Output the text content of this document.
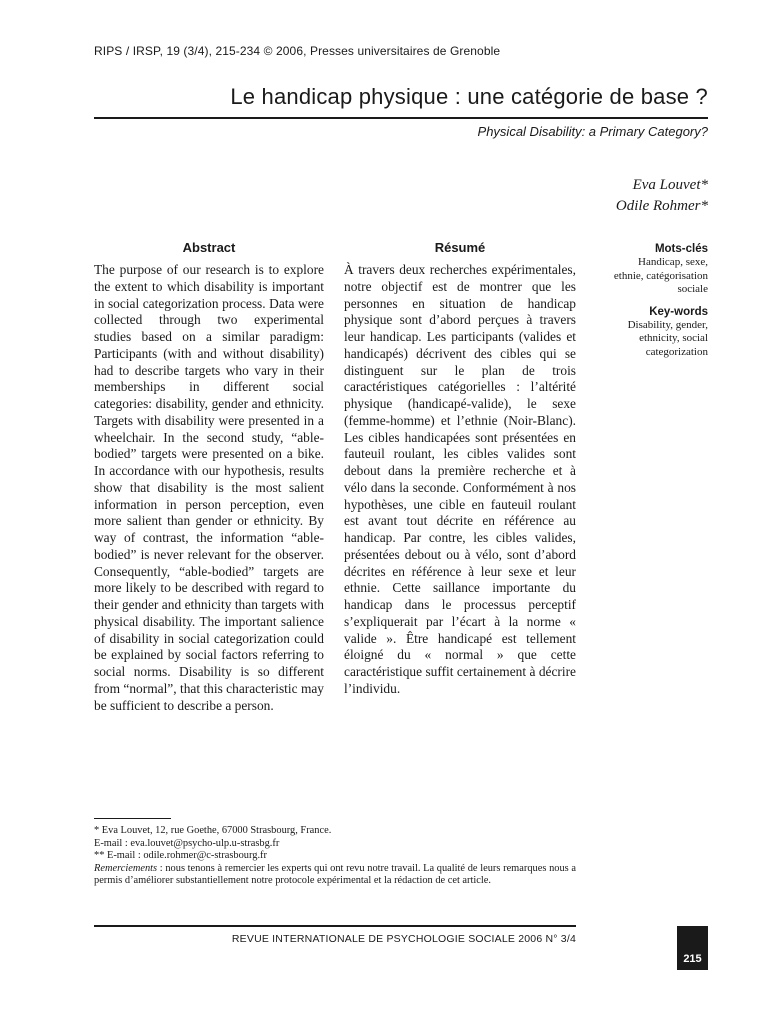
RIPS / IRSP, 19 (3/4), 215-234 © 2006, Presses universitaires de Grenoble
Le handicap physique : une catégorie de base ?
Physical Disability: a Primary Category?
Eva Louvet*
Odile Rohmer*
Abstract

The purpose of our research is to explore the extent to which disability is important in social categorization process. Data were collected through two experimental studies based on a similar paradigm: Participants (with and without disability) had to describe targets who vary in their memberships in different social categories: disability, gender and ethnicity. Targets with disability were presented in a wheelchair. In the second study, “able-bodied” targets were presented on a bike. In accordance with our hypothesis, results show that disability is the most salient information in person perception, even more salient than gender or ethnicity. By way of contrast, the information “able-bodied” is never relevant for the observer. Consequently, “able-bodied” targets are more likely to be described with regard to their gender and ethnicity than targets with physical disability. The important salience of disability in social categorization could be explained by social factors referring to social norms. Disability is so different from “normal”, that this characteristic may be sufficient to describe a person.

Résumé

À travers deux recherches expérimentales, notre objectif est de montrer que les personnes en situation de handicap physique sont d’abord perçues à travers leur handicap. Les participants (valides et handicapés) décrivent des cibles qui se distinguent sur le plan de trois caractéristiques catégorielles : l’altérité physique (handicapé-valide), le sexe (femme-homme) et l’ethnie (Noir-Blanc). Les cibles handicapées sont présentées en fauteuil roulant, les cibles valides sont debout dans la première recherche et à vélo dans la seconde. Conformément à nos hypothèses, une cible en fauteuil roulant est avant tout décrite en référence au handicap. Par contre, les cibles valides, présentées debout ou à vélo, sont d’abord décrites en référence à leur sexe et leur ethnie. Cette saillance importante du handicap dans le processus perceptif s’expliquerait par l’écart à la norme « valide ». Être handicapé est tellement éloigné du « normal » que cette caractéristique suffit certainement à décrire l’individu.

Mots-clés
Handicap, sexe,
ethnie, catégorisation
sociale
Key-words
Disability, gender,
ethnicity, social
categorization

* Eva Louvet, 12, rue Goethe, 67000 Strasbourg, France.

E-mail : eva.louvet@psycho-ulp.u-strasbg.fr

** E-mail : odile.rohmer@c-strasbourg.fr

Remerciements : nous tenons à remercier les experts qui ont revu notre travail. La qualité de leurs remarques nous a permis d’améliorer substantiellement notre protocole expérimental et la rédaction de cet article.

REVUE INTERNATIONALE DE PSYCHOLOGIE SOCIALE 2006 N° 3/4
215
